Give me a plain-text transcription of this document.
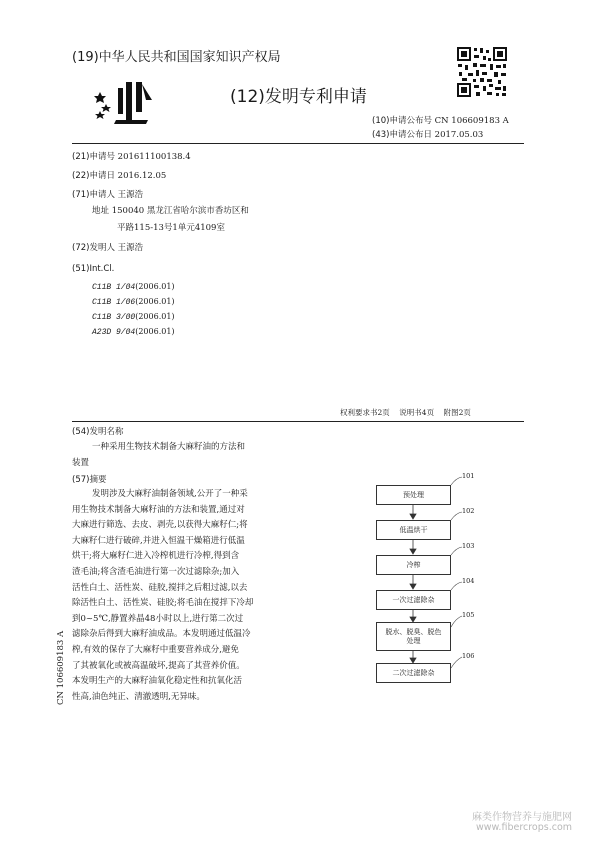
(19)中华人民共和国国家知识产权局
(12)发明专利申请
(10)申请公布号 CN 106609183 A
(43)申请公布日 2017.05.03
(21)申请号 201611100138.4
(22)申请日 2016.12.05
(71)申请人 王源浩
地址 150040 黑龙江省哈尔滨市香坊区和
平路115-13号1单元4109室
(72)发明人 王源浩
(51)Int.Cl.
C11B 1/04(2006.01)
C11B 1/06(2006.01)
C11B 3/00(2006.01)
A23D 9/04(2006.01)
权利要求书2页    说明书4页    附图2页
(54)发明名称
一种采用生物技术制备大麻籽油的方法和
装置
(57)摘要
发明涉及大麻籽油制备领域,公开了一种采
用生物技术制备大麻籽油的方法和装置,通过对
大麻进行筛选、去皮、剥壳,以获得大麻籽仁;将
大麻籽仁进行破碎,并进入恒温干燥箱进行低温
烘干;将大麻籽仁进入冷榨机进行冷榨,得到含
渣毛油;将含渣毛油进行第一次过滤除杂;加入
活性白土、活性炭、硅胶,搅拌之后粗过滤,以去
除活性白土、活性炭、硅胶;将毛油在搅拌下冷却
到0~5℃,静置养晶48小时以上,进行第二次过
滤除杂后得到大麻籽油成品。本发明通过低温冷
榨,有效的保存了大麻籽中重要营养成分,避免
了其被氧化或被高温破坏,提高了其营养价值。
本发明生产的大麻籽油氧化稳定性和抗氧化活
性高,油色纯正、清澈透明,无异味。
预处理
低温烘干
冷榨
一次过滤除杂
脱水、脱臭、脱色处理
二次过滤除杂
101
102
103
104
105
106
CN 106609183 A
麻类作物营养与施肥网
www.fibercrops.com
